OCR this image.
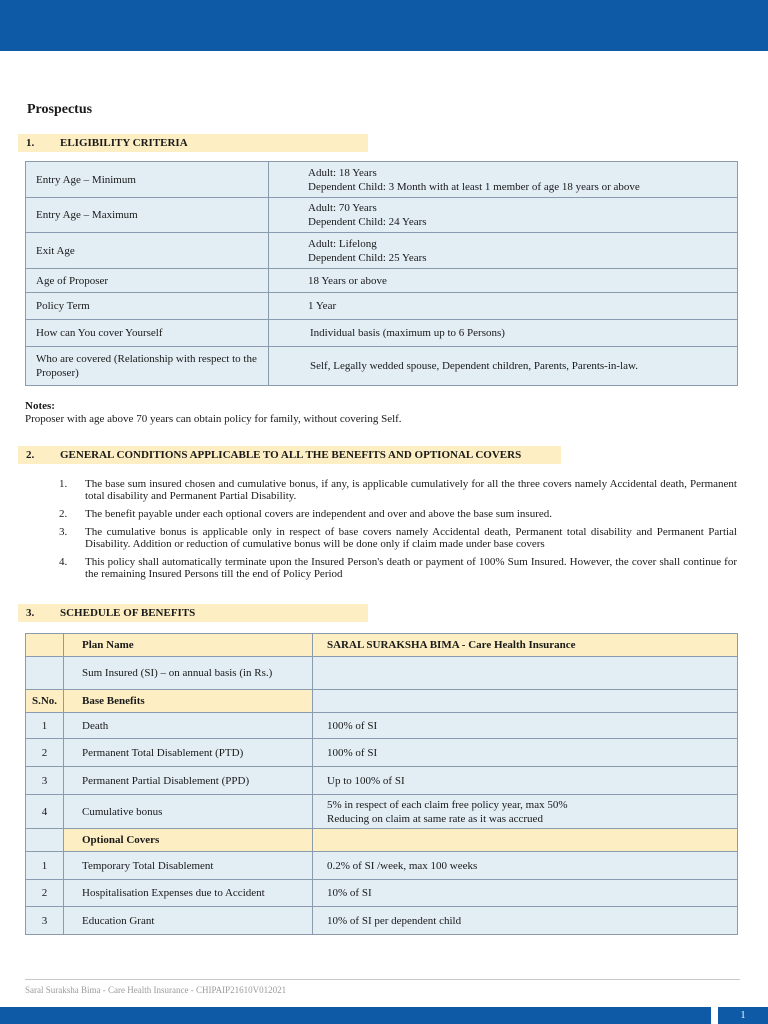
Prospectus
1. ELIGIBILITY CRITERIA
Entry Age – Minimum	Adult: 18 Years
Dependent Child: 3 Month with at least 1 member of age 18 years or above

Entry Age – Maximum	Adult: 70 Years
Dependent Child: 24 Years

Exit Age	Adult: Lifelong
Dependent Child: 25 Years

Age of Proposer	18 Years or above
Policy Term	1 Year
How can You cover Yourself	Individual basis (maximum up to 6 Persons)
Who are covered (Relationship with respect to the Proposer)	Self, Legally wedded spouse, Dependent children, Parents, Parents-in-law.
Notes:
Proposer with age above 70 years can obtain policy for family, without covering Self.
2. GENERAL CONDITIONS APPLICABLE TO ALL THE BENEFITS AND OPTIONAL COVERS
1. The base sum insured chosen and cumulative bonus, if any, is applicable cumulatively for all the three covers namely Accidental death, Permanent total disability and Permanent Partial Disability.
2. The benefit payable under each optional covers are independent and over and above the base sum insured.
3. The cumulative bonus is applicable only in respect of base covers namely Accidental death, Permanent total disability and Permanent Partial Disability. Addition or reduction of cumulative bonus will be done only if claim made under base covers
4. This policy shall automatically terminate upon the Insured Person's death or payment of 100% Sum Insured. However, the cover shall continue for the remaining Insured Persons till the end of Policy Period
3. SCHEDULE OF BENEFITS
	Plan Name	SARAL SURAKSHA BIMA - Care Health Insurance
	Sum Insured (SI) – on annual basis (in Rs.)	
S.No.	Base Benefits	
1	Death	100% of SI
2	Permanent Total Disablement (PTD)	100% of SI
3	Permanent Partial Disablement (PPD)	Up to 100% of SI
4	Cumulative bonus	5% in respect of each claim free policy year, max 50%
Reducing on claim at same rate as it was accrued

	Optional Covers	
1	Temporary Total Disablement	0.2% of SI /week, max 100 weeks
2	Hospitalisation Expenses due to Accident	10% of SI
3	Education Grant	10% of SI per dependent child
Saral Suraksha Bima - Care Health Insurance - CHIPAIP21610V012021
1
